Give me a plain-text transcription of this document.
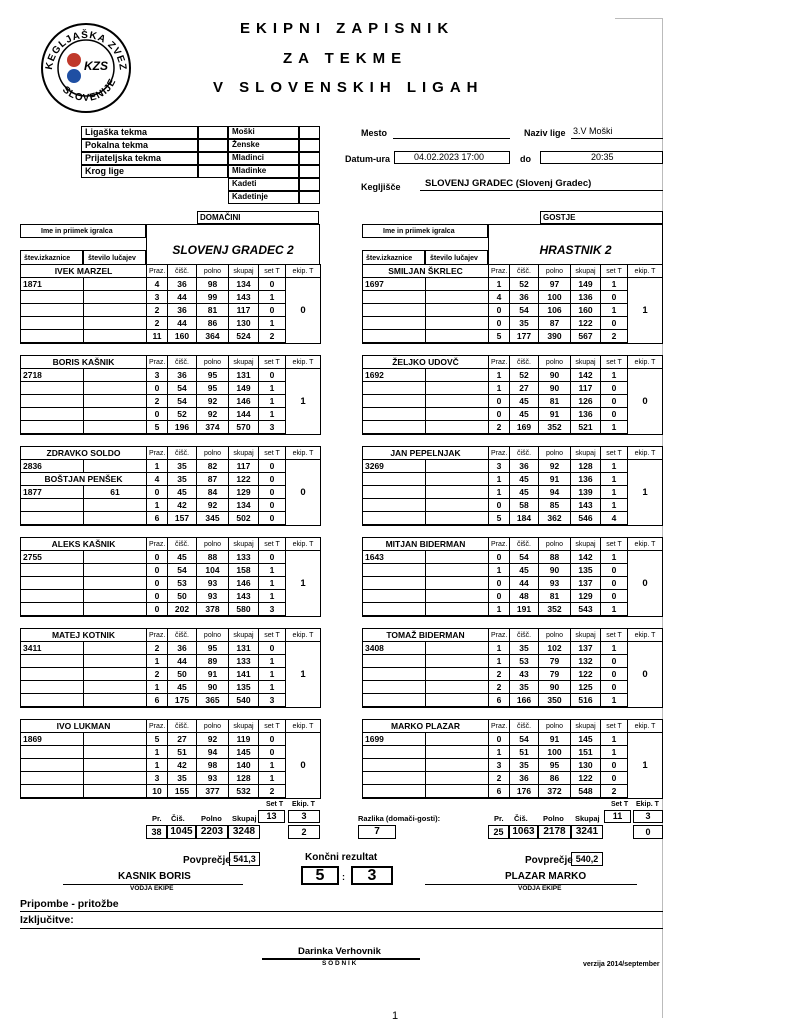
KEGLJAŠKA ZVEZ
SLOVENIJE
KZS
EKIPNI ZAPISNIK
ZA TEKME
V SLOVENSKIH LIGAH
Ligaška tekma
Pokalna tekma
Prijateljska tekma
Krog lige
Moški
Ženske
Mladinci
Mladinke
Kadeti
Kadetinje
Mesto	Naziv lige 3.V Moški
Datum-ura	04.02.2023 17:00	do	20:35
Kegljišče	SLOVENJ GRADEC (Slovenj Gradec)
DOMAČINI	GOSTJE
Ime in priimek igralca
SLOVENJ GRADEC 2
štev.izkaznice	število lučajev
Ime in priimek igralca
HRASTNIK 2
štev.izkaznice	število lučajev
IVEK MARZEL		Praz.	čišč.	polno	skupaj	set T	ekip. T
1871		4	36	98	134	0	0
		3	44	99	143	1	
		2	36	81	117	0	
		2	44	86	130	1	
		11	160	364	524	2	
BORIS KAŠNIK		Praz.	čišč.	polno	skupaj	set T	ekip. T
2718		3	36	95	131	0	1
		0	54	95	149	1	
		2	54	92	146	1	
		0	52	92	144	1	
		5	196	374	570	3	
ZDRAVKO SOLDO		Praz.	čišč.	polno	skupaj	set T	ekip. T
2836		1	35	82	117	0	0
BOŠTJAN PENŠEK		4	35	87	122	0	
1877	61	0	45	84	129	0	
		1	42	92	134	0	
		6	157	345	502	0	
ALEKS KAŠNIK		Praz.	čišč.	polno	skupaj	set T	ekip. T
2755		0	45	88	133	0	1
		0	54	104	158	1	
		0	53	93	146	1	
		0	50	93	143	1	
		0	202	378	580	3	
MATEJ KOTNIK		Praz.	čišč.	polno	skupaj	set T	ekip. T
3411		2	36	95	131	0	1
		1	44	89	133	1	
		2	50	91	141	1	
		1	45	90	135	1	
		6	175	365	540	3	
IVO LUKMAN		Praz.	čišč.	polno	skupaj	set T	ekip. T
1869		5	27	92	119	0	0
		1	51	94	145	0	
		1	42	98	140	1	
		3	35	93	128	1	
		10	155	377	532	2	
SMILJAN ŠKRLEC		Praz.	čišč.	polno	skupaj	set T	ekip. T
1697		1	52	97	149	1	1
		4	36	100	136	0	
		0	54	106	160	1	
		0	35	87	122	0	
		5	177	390	567	2	
ŽELJKO UDOVČ		Praz.	čišč.	polno	skupaj	set T	ekip. T
1692		1	52	90	142	1	0
		1	27	90	117	0	
		0	45	81	126	0	
		0	45	91	136	0	
		2	169	352	521	1	
JAN PEPELNJAK		Praz.	čišč.	polno	skupaj	set T	ekip. T
3269		3	36	92	128	1	1
		1	45	91	136	1	
		1	45	94	139	1	
		0	58	85	143	1	
		5	184	362	546	4	
MITJAN BIDERMAN		Praz.	čišč.	polno	skupaj	set T	ekip. T
1643		0	54	88	142	1	0
		1	45	90	135	0	
		0	44	93	137	0	
		0	48	81	129	0	
		1	191	352	543	1	
TOMAŽ BIDERMAN		Praz.	čišč.	polno	skupaj	set T	ekip. T
3408		1	35	102	137	1	0
		1	53	79	132	0	
		2	43	79	122	0	
		2	35	90	125	0	
		6	166	350	516	1	
MARKO PLAZAR		Praz.	čišč.	polno	skupaj	set T	ekip. T
1699		0	54	91	145	1	1
		1	51	100	151	1	
		3	35	95	130	0	
		2	36	86	122	0	
		6	176	372	548	2	
Set T Ekip. T
Pr. Čiš. Polno Skupaj	13	3
38 1045 2203 3248	2
Razlika (domači-gosti):
7
Set T Ekip. T
Pr. Čiš. Polno Skupaj	11	3
25 1063 2178	3241	0
Povprečje 541,3	Končni rezultat
5	:	3
Povprečje 540,2
KASNIK BORIS
VODJA EKIPE
PLAZAR MARKO
VODJA EKIPE
Pripombe - pritožbe
Izključitve:
Darinka Verhovnik
S O D N I K	verzija 2014/september
1
